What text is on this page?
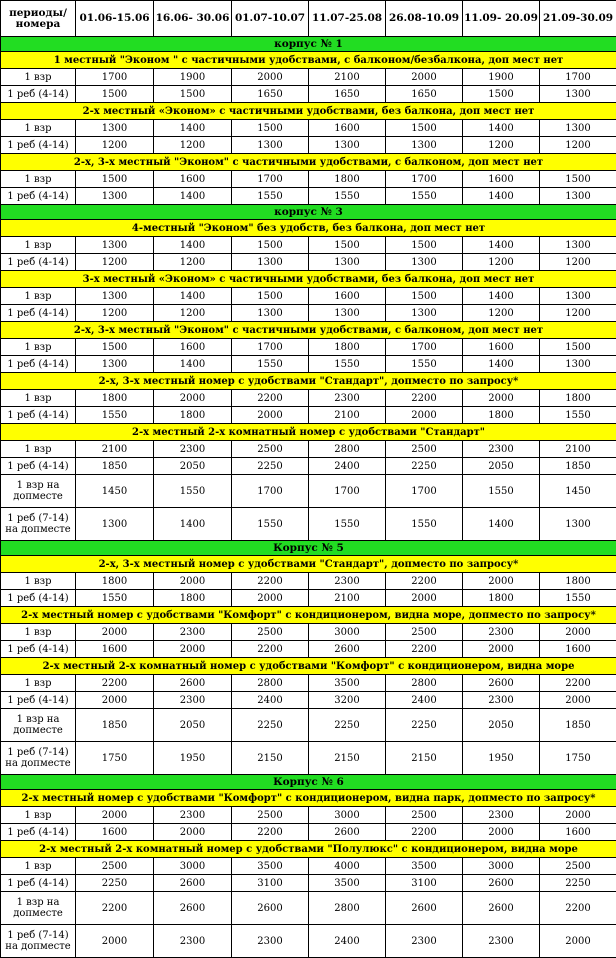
периоды/ номера	01.06-15.06	16.06- 30.06	01.07-10.07	11.07-25.08	26.08-10.09	11.09- 20.09	21.09-30.09
корпус № 1							
1 местный "Эконом " с частичными удобствами, с балконом/безбалкона, доп мест нет							
1 взр	1700	1900	2000	2100	2000	1900	1700
1 реб (4-14)	1500	1500	1650	1650	1650	1500	1300
2-х местный «Эконом» с частичными удобствами, без балкона, доп мест нет							
1 взр	1300	1400	1500	1600	1500	1400	1300
1 реб (4-14)	1200	1200	1300	1300	1300	1200	1200
2-х, 3-х местный "Эконом" с частичными удобствами, с балконом, доп мест нет							
1 взр	1500	1600	1700	1800	1700	1600	1500
1 реб (4-14)	1300	1400	1550	1550	1550	1400	1300
корпус № 3							
4-местный "Эконом" без удобств, без балкона, доп мест нет							
1 взр	1300	1400	1500	1500	1500	1400	1300
1 реб (4-14)	1200	1200	1300	1300	1300	1200	1200
3-х местный «Эконом» с частичными удобствами, без балкона, доп мест нет							
1 взр	1300	1400	1500	1600	1500	1400	1300
1 реб (4-14)	1200	1200	1300	1300	1300	1200	1200
2-х, 3-х местный "Эконом" с частичными удобствами, с балконом, доп мест нет							
1 взр	1500	1600	1700	1800	1700	1600	1500
1 реб (4-14)	1300	1400	1550	1550	1550	1400	1300
2-х, 3-х местный номер с удобствами "Стандарт", допместо по запросу*							
1 взр	1800	2000	2200	2300	2200	2000	1800
1 реб (4-14)	1550	1800	2000	2100	2000	1800	1550
2-х местный 2-х комнатный номер с удобствами "Стандарт"							
1 взр	2100	2300	2500	2800	2500	2300	2100
1 реб (4-14)	1850	2050	2250	2400	2250	2050	1850
1 взр на допместе	1450	1550	1700	1700	1700	1550	1450
1 реб (7-14) на допместе	1300	1400	1550	1550	1550	1400	1300
Корпус № 5							
2-х, 3-х местный номер с удобствами "Стандарт", допместо по запросу*							
1 взр	1800	2000	2200	2300	2200	2000	1800
1 реб (4-14)	1550	1800	2000	2100	2000	1800	1550
2-х местный номер с удобствами "Комфорт" с кондиционером, видна море, допместо по запросу*							
1 взр	2000	2300	2500	3000	2500	2300	2000
1 реб (4-14)	1600	2000	2200	2600	2200	2000	1600
2-х местный 2-х комнатный номер с удобствами "Комфорт" с кондиционером, видна море							
1 взр	2200	2600	2800	3500	2800	2600	2200
1 реб (4-14)	2000	2300	2400	3200	2400	2300	2000
1 взр на допместе	1850	2050	2250	2250	2250	2050	1850
1 реб (7-14) на допместе	1750	1950	2150	2150	2150	1950	1750
Корпус № 6							
2-х местный номер с удобствами "Комфорт" с кондиционером, видна парк, допместо по запросу*							
1 взр	2000	2300	2500	3000	2500	2300	2000
1 реб (4-14)	1600	2000	2200	2600	2200	2000	1600
2-х местный 2-х комнатный номер с удобствами "Полулюкс" с кондиционером, видна море							
1 взр	2500	3000	3500	4000	3500	3000	2500
1 реб (4-14)	2250	2600	3100	3500	3100	2600	2250
1 взр на допместе	2200	2600	2600	2800	2600	2600	2200
1 реб (7-14) на допместе	2000	2300	2300	2400	2300	2300	2000
